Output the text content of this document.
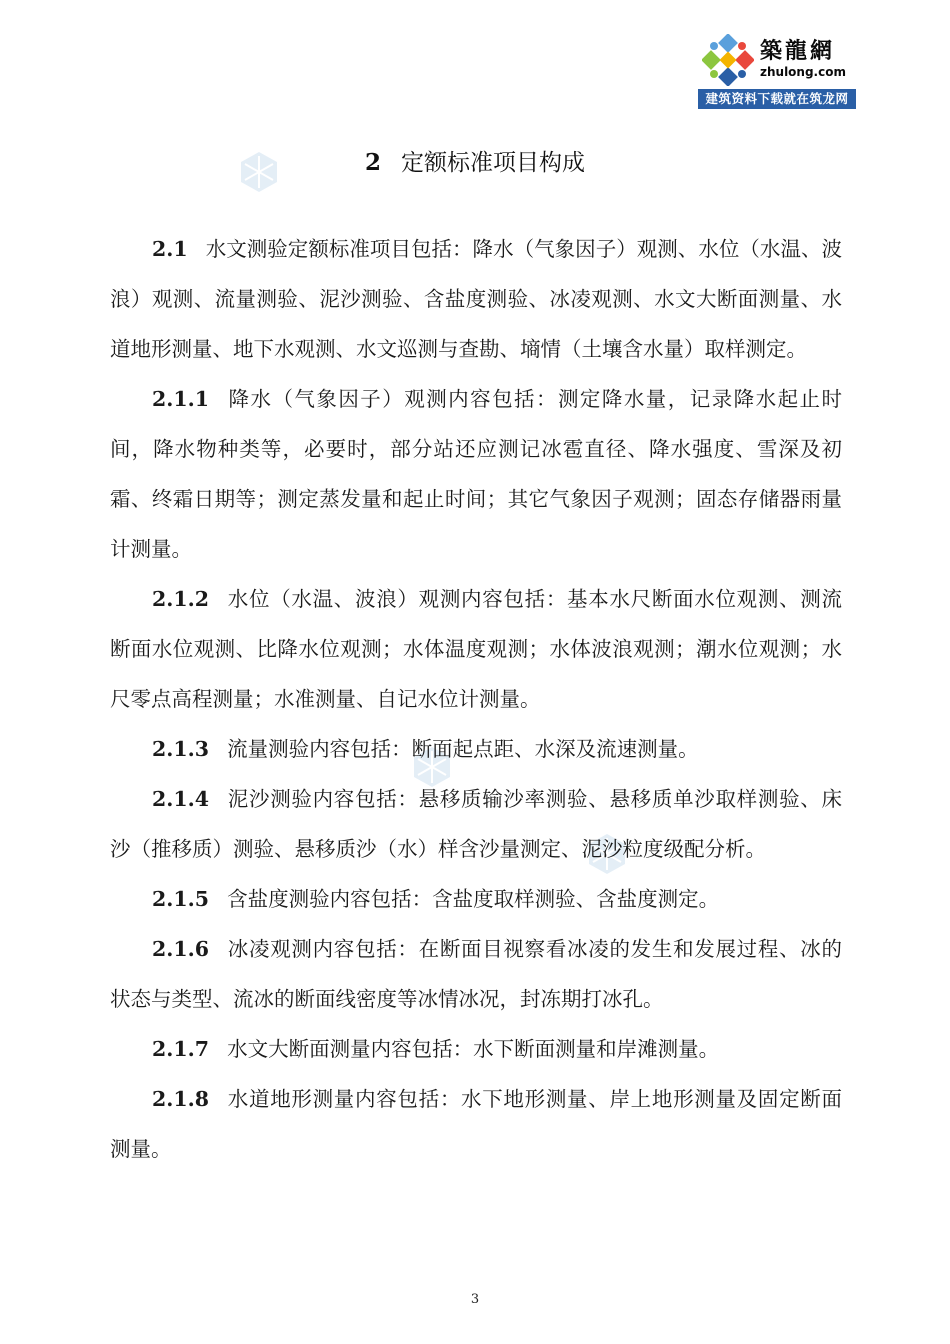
築龍網
zhulong.com
建筑资料下载就在筑龙网
2 定额标准项目构成

2.1 水文测验定额标准项目包括：降水（气象因子）观测、水位（水温、波浪）观测、流量测验、泥沙测验、含盐度测验、冰凌观测、水文大断面测量、水道地形测量、地下水观测、水文巡测与查勘、墒情（土壤含水量）取样测定。

2.1.1 降水（气象因子）观测内容包括：测定降水量，记录降水起止时间，降水物种类等，必要时，部分站还应测记冰雹直径、降水强度、雪深及初霜、终霜日期等；测定蒸发量和起止时间；其它气象因子观测；固态存储器雨量计测量。

2.1.2 水位（水温、波浪）观测内容包括：基本水尺断面水位观测、测流断面水位观测、比降水位观测；水体温度观测；水体波浪观测；潮水位观测；水尺零点高程测量；水准测量、自记水位计测量。

2.1.3 流量测验内容包括：断面起点距、水深及流速测量。

2.1.4 泥沙测验内容包括：悬移质输沙率测验、悬移质单沙取样测验、床沙（推移质）测验、悬移质沙（水）样含沙量测定、泥沙粒度级配分析。

2.1.5 含盐度测验内容包括：含盐度取样测验、含盐度测定。

2.1.6 冰凌观测内容包括：在断面目视察看冰凌的发生和发展过程、冰的状态与类型、流冰的断面线密度等冰情冰况，封冻期打冰孔。

2.1.7 水文大断面测量内容包括：水下断面测量和岸滩测量。

2.1.8 水道地形测量内容包括：水下地形测量、岸上地形测量及固定断面测量。

3
